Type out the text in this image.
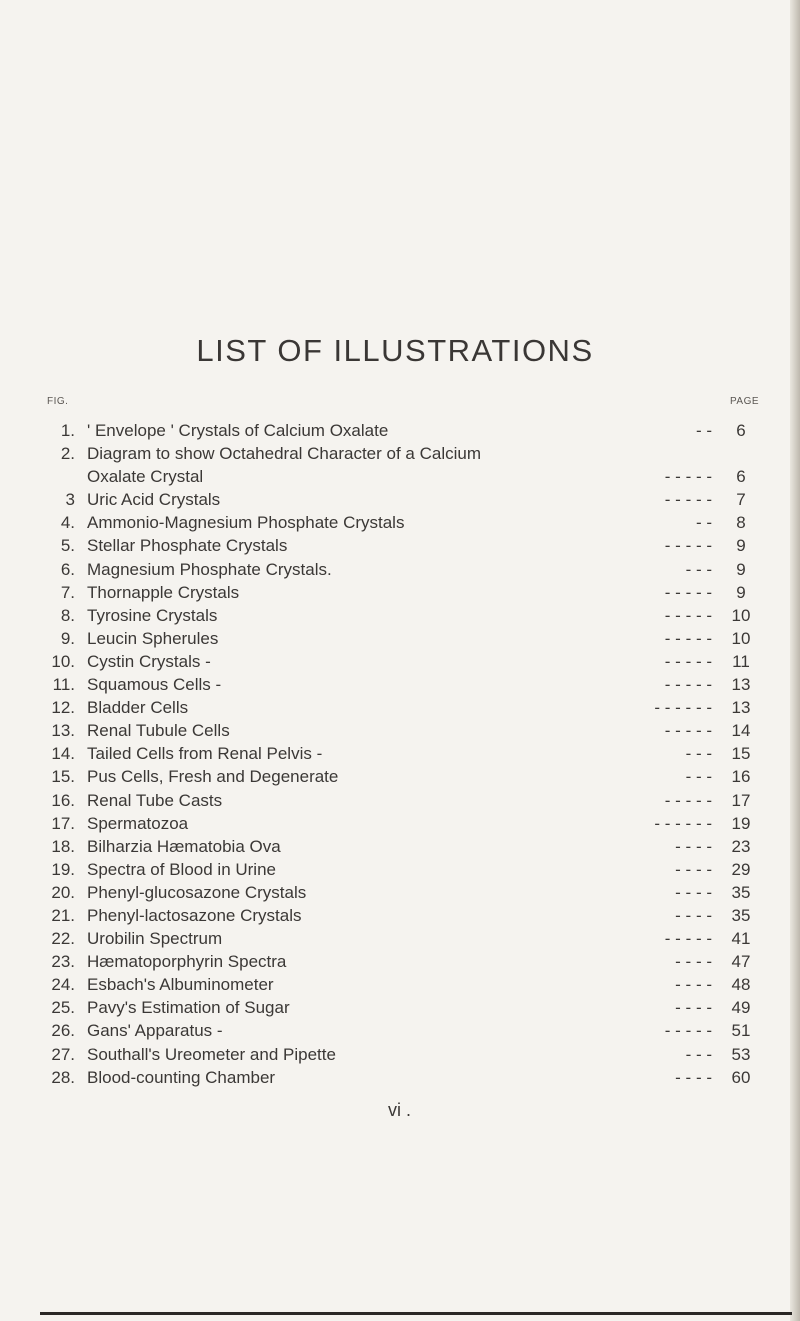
LIST OF ILLUSTRATIONS
FIG.	PAGE
1. ' Envelope ' Crystals of Calcium Oxalate	- -	6
2. Diagram to show Octahedral Character of a Calcium
Oxalate Crystal	- - - - -	6
3 Uric Acid Crystals	- - - - -	7
4. Ammonio-Magnesium Phosphate Crystals	- -	8
5. Stellar Phosphate Crystals	- - - - -	9
6. Magnesium Phosphate Crystals.	- - -	9
7. Thornapple Crystals	- - - - -	9
8. Tyrosine Crystals	- - - - - 10
9. Leucin Spherules	- - - - - 10
10. Cystin Crystals -	- - - - - 11
11. Squamous Cells -	- - - - - 13
12. Bladder Cells	- - - - - - 13
13. Renal Tubule Cells	- - - - - 14
14. Tailed Cells from Renal Pelvis -	- - - 15
15. Pus Cells, Fresh and Degenerate	- - - 16
16. Renal Tube Casts	- - - - - 17
17. Spermatozoa	- - - - - - 19
18. Bilharzia Hæmatobia Ova	- - - - 23
19. Spectra of Blood in Urine	- - - - 29
20. Phenyl-glucosazone Crystals	- - - - 35
21. Phenyl-lactosazone Crystals	- - - - 35
22. Urobilin Spectrum	- - - - - 41
23. Hæmatoporphyrin Spectra	- - - - 47
24. Esbach's Albuminometer	- - - - 48
25. Pavy's Estimation of Sugar	- - - - 49
26. Gans' Apparatus -	- - - - - 51
27. Southall's Ureometer and Pipette	- - - 53
28. Blood-counting Chamber	- - - - 60
vi .
